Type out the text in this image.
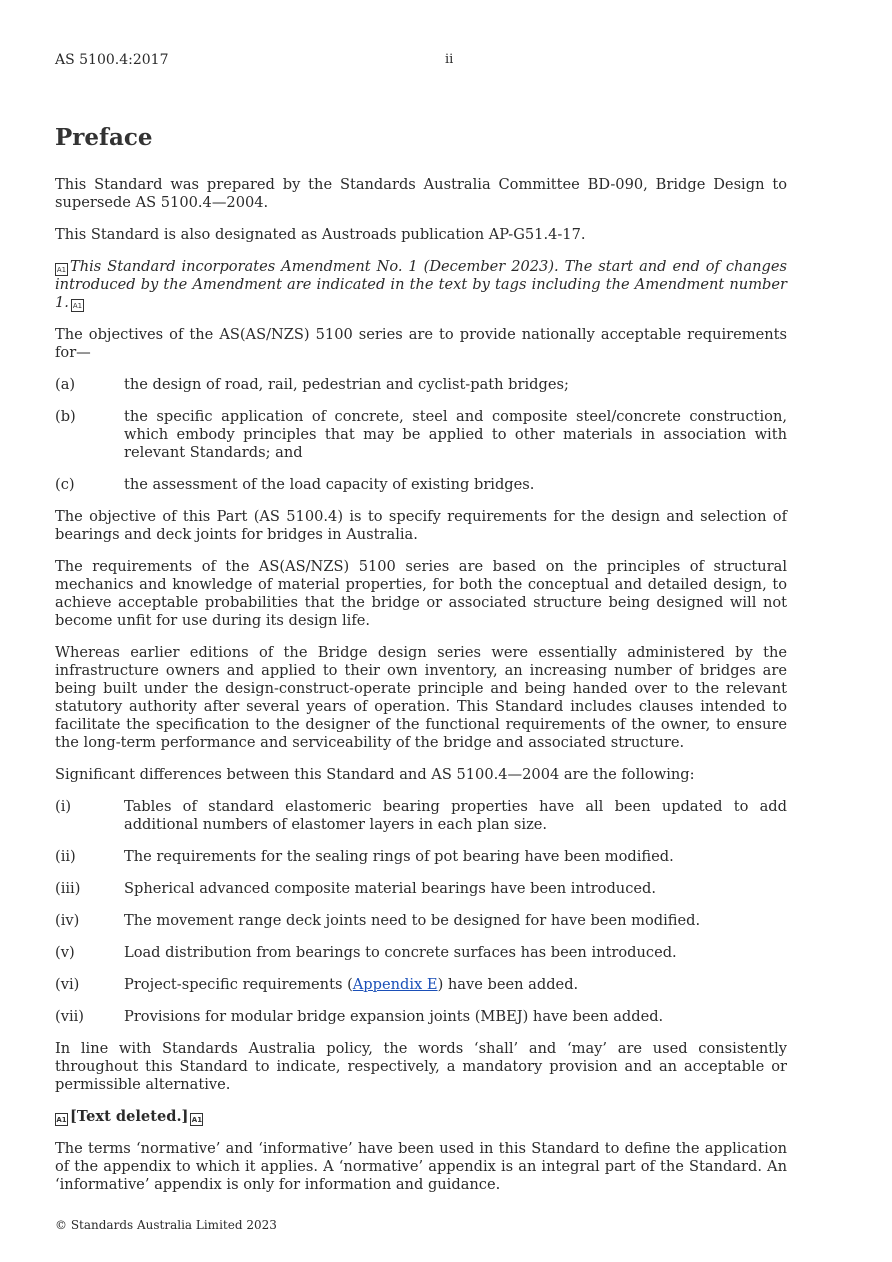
AS 5100.4:2017	ii
Preface

This Standard was prepared by the Standards Australia Committee BD-090, Bridge Design to supersede AS 5100.4—2004.

This Standard is also designated as Austroads publication AP-G51.4-17.

A1 This Standard incorporates Amendment No. 1 (December 2023). The start and end of changes introduced by the Amendment are indicated in the text by tags including the Amendment number 1. A1

The objectives of the AS(AS/NZS) 5100 series are to provide nationally acceptable requirements for—

(a)	the design of road, rail, pedestrian and cyclist-path bridges;
(b)	the specific application of concrete, steel and composite steel/concrete construction, which embody principles that may be applied to other materials in association with relevant Standards; and
(c)	the assessment of the load capacity of existing bridges.

The objective of this Part (AS 5100.4) is to specify requirements for the design and selection of bearings and deck joints for bridges in Australia.

The requirements of the AS(AS/NZS) 5100 series are based on the principles of structural mechanics and knowledge of material properties, for both the conceptual and detailed design, to achieve acceptable probabilities that the bridge or associated structure being designed will not become unfit for use during its design life.

Whereas earlier editions of the Bridge design series were essentially administered by the infrastructure owners and applied to their own inventory, an increasing number of bridges are being built under the design-construct-operate principle and being handed over to the relevant statutory authority after several years of operation. This Standard includes clauses intended to facilitate the specification to the designer of the functional requirements of the owner, to ensure the long-term performance and serviceability of the bridge and associated structure.

Significant differences between this Standard and AS 5100.4—2004 are the following:

(i)	Tables of standard elastomeric bearing properties have all been updated to add additional numbers of elastomer layers in each plan size.
(ii)	The requirements for the sealing rings of pot bearing have been modified.
(iii)	Spherical advanced composite material bearings have been introduced.
(iv)	The movement range deck joints need to be designed for have been modified.
(v)	Load distribution from bearings to concrete surfaces has been introduced.
(vi)	Project-specific requirements (Appendix E) have been added.
(vii)	Provisions for modular bridge expansion joints (MBEJ) have been added.

In line with Standards Australia policy, the words ‘shall’ and ‘may’ are used consistently throughout this Standard to indicate, respectively, a mandatory provision and an acceptable or permissible alternative.

A1 [Text deleted.] A1

The terms ‘normative’ and ‘informative’ have been used in this Standard to define the application of the appendix to which it applies. A ‘normative’ appendix is an integral part of the Standard. An ‘informative’ appendix is only for information and guidance.

© Standards Australia Limited 2023
